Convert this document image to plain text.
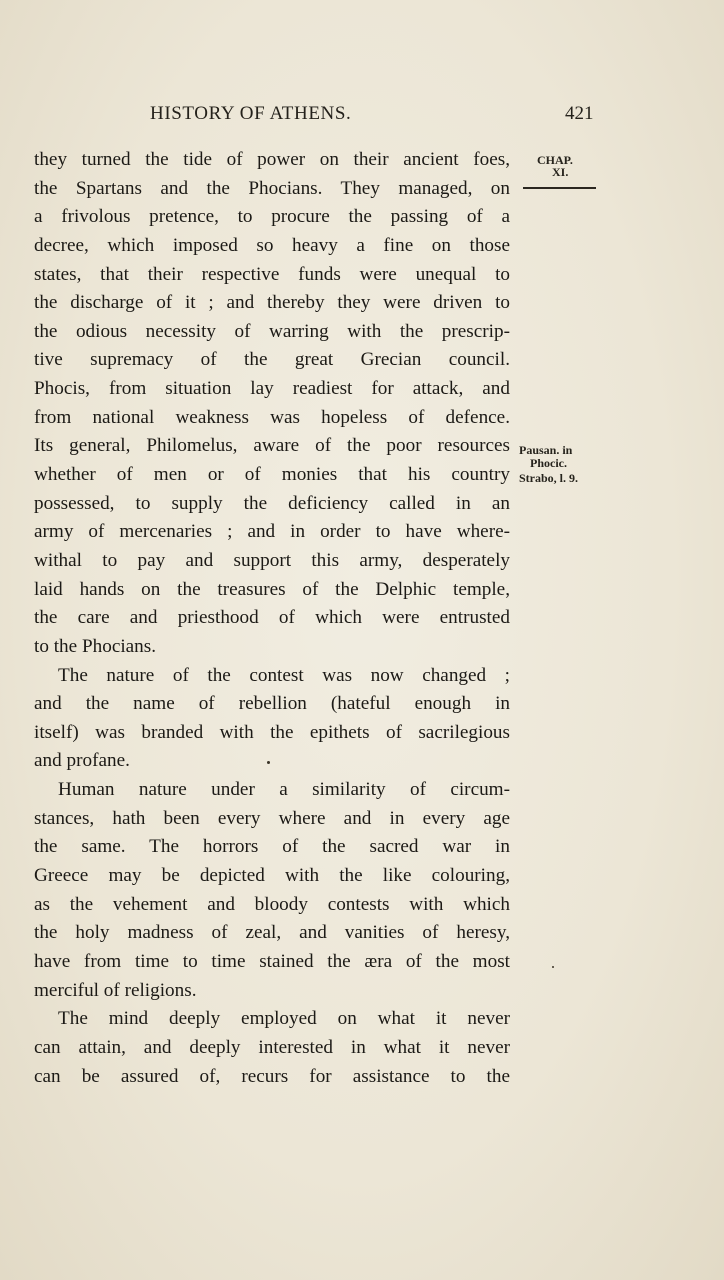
HISTORY OF ATHENS.	421
CHAP.
XI.
Pausan. in
Phocic.
Strabo, l. 9.
they turned the tide of power on their ancient foes,
the Spartans and the Phocians. They managed, on
a frivolous pretence, to procure the passing of a
decree, which imposed so heavy a fine on those
states, that their respective funds were unequal to
the discharge of it ; and thereby they were driven to
the odious necessity of warring with the prescrip-
tive supremacy of the great Grecian council.
Phocis, from situation lay readiest for attack, and
from national weakness was hopeless of defence.
Its general, Philomelus, aware of the poor resources
whether of men or of monies that his country
possessed, to supply the deficiency called in an
army of mercenaries ; and in order to have where-
withal to pay and support this army, desperately
laid hands on the treasures of the Delphic temple,
the care and priesthood of which were entrusted
to the Phocians.
The nature of the contest was now changed ;
and the name of rebellion (hateful enough in
itself) was branded with the epithets of sacrilegious
and profane.
Human nature under a similarity of circum-
stances, hath been every where and in every age
the same. The horrors of the sacred war in
Greece may be depicted with the like colouring,
as the vehement and bloody contests with which
the holy madness of zeal, and vanities of heresy,
have from time to time stained the æra of the most
merciful of religions.
The mind deeply employed on what it never
can attain, and deeply interested in what it never
can be assured of, recurs for assistance to the
